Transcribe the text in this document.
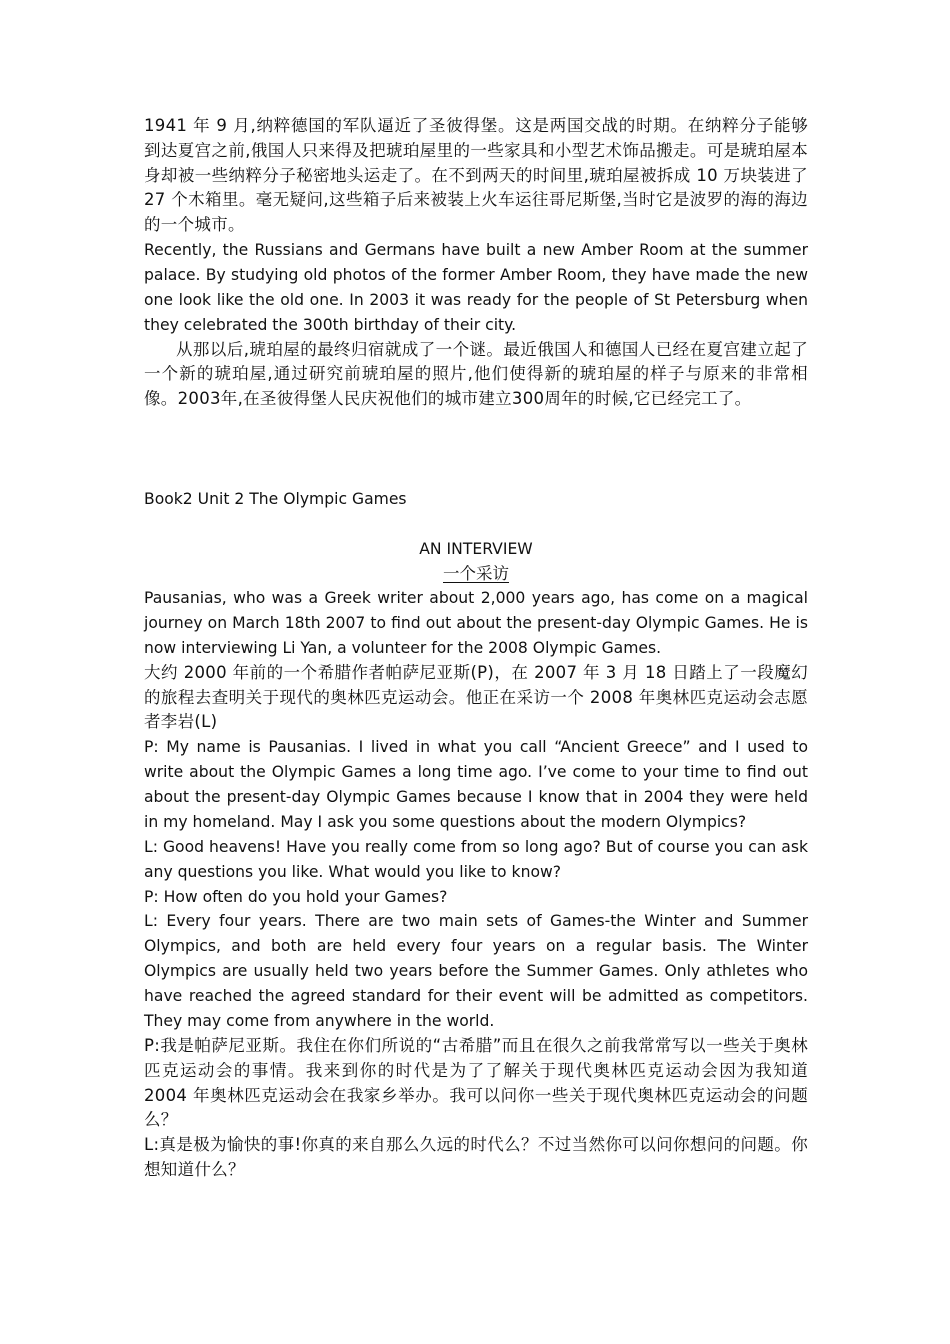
1941 年 9 月,纳粹德国的军队逼近了圣彼得堡。这是两国交战的时期。在纳粹分子能够到达夏宫之前,俄国人只来得及把琥珀屋里的一些家具和小型艺术饰品搬走。可是琥珀屋本身却被一些纳粹分子秘密地头运走了。在不到两天的时间里,琥珀屋被拆成 10 万块装进了 27 个木箱里。毫无疑问,这些箱子后来被装上火车运往哥尼斯堡,当时它是波罗的海的海边的一个城市。

Recently, the Russians and Germans have built a new Amber Room at the summer palace. By studying old photos of the former Amber Room, they have made the new one look like the old one. In 2003 it was ready for the people of St Petersburg when they celebrated the 300th birthday of their city.

从那以后,琥珀屋的最终归宿就成了一个谜。最近俄国人和德国人已经在夏宫建立起了一个新的琥珀屋,通过研究前琥珀屋的照片,他们使得新的琥珀屋的样子与原来的非常相像。2003年,在圣彼得堡人民庆祝他们的城市建立300周年的时候,它已经完工了。

Book2 Unit 2 The Olympic Games

AN INTERVIEW

一个采访

Pausanias, who was a Greek writer about 2,000 years ago, has come on a magical journey on March 18th 2007 to find out about the present-day Olympic Games. He is now interviewing Li Yan, a volunteer for the 2008 Olympic Games.

大约 2000 年前的一个希腊作者帕萨尼亚斯(P)，在 2007 年 3 月 18 日踏上了一段魔幻的旅程去查明关于现代的奥林匹克运动会。他正在采访一个 2008 年奥林匹克运动会志愿者李岩(L)

P: My name is Pausanias. I lived in what you call “Ancient Greece” and I used to write about the Olympic Games a long time ago. I’ve come to your time to find out about the present-day Olympic Games because I know that in 2004 they were held in my homeland. May I ask you some questions about the modern Olympics?

L: Good heavens! Have you really come from so long ago? But of course you can ask any questions you like. What would you like to know?

P: How often do you hold your Games?

L: Every four years. There are two main sets of Games-the Winter and Summer Olympics, and both are held every four years on a regular basis. The Winter Olympics are usually held two years before the Summer Games. Only athletes who have reached the agreed standard for their event will be admitted as competitors. They may come from anywhere in the world.

P:我是帕萨尼亚斯。我住在你们所说的“古希腊”而且在很久之前我常常写以一些关于奥林匹克运动会的事情。我来到你的时代是为了了解关于现代奥林匹克运动会因为我知道 2004 年奥林匹克运动会在我家乡举办。我可以问你一些关于现代奥林匹克运动会的问题么？

L:真是极为愉快的事!你真的来自那么久远的时代么？不过当然你可以问你想问的问题。你想知道什么？
